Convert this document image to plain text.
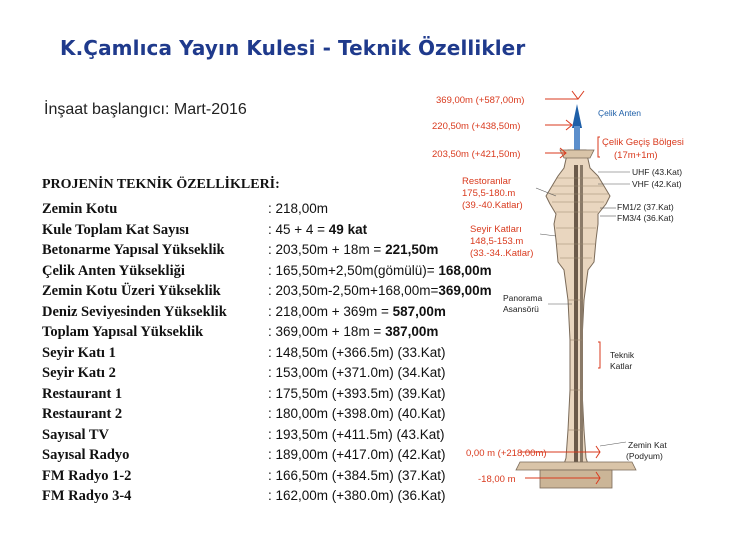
K.Çamlıca Yayın Kulesi - Teknik Özellikler
İnşaat başlangıcı: Mart-2016
PROJENİN TEKNİK ÖZELLİKLERİ:
Zemin Kotu	: 218,00m
Kule Toplam Kat Sayısı	: 45 + 4 = 49 kat
Betonarme Yapısal Yükseklik	: 203,50m + 18m = 221,50m
Çelik Anten Yüksekliği	: 165,50m+2,50m(gömülü)= 168,00m
Zemin Kotu Üzeri Yükseklik	: 203,50m-2,50m+168,00m=369,00m
Deniz Seviyesinden Yükseklik	: 218,00m + 369m = 587,00m
Toplam Yapısal Yükseklik	: 369,00m + 18m = 387,00m
Seyir Katı 1	: 148,50m (+366.5m) (33.Kat)
Seyir Katı 2	: 153,00m (+371.0m) (34.Kat)
Restaurant 1	: 175,50m (+393.5m) (39.Kat)
Restaurant 2	: 180,00m (+398.0m) (40.Kat)
Sayısal TV	: 193,50m (+411.5m) (43.Kat)
Sayısal Radyo	: 189,00m (+417.0m) (42.Kat)
FM Radyo 1-2	: 166,50m (+384.5m) (37.Kat)
FM Radyo 3-4	: 162,00m (+380.0m) (36.Kat)
369,00m (+587,00m)
220,50m (+438,50m)
203,50m (+421,50m)
0,00 m (+218,00m)
-18,00 m
Çelik Geçiş Bölgesi
(17m+1m)
Restoranlar
175,5-180.m
(39.-40.Katlar)
Seyir Katları
148,5-153.m
(33.-34..Katlar)
Çelik Anten
UHF (43.Kat)
VHF (42.Kat)
FM1/2 (37.Kat)
FM3/4 (36.Kat)
Panorama
Asansörü
Teknik
Katlar
Zemin Kat
(Podyum)
